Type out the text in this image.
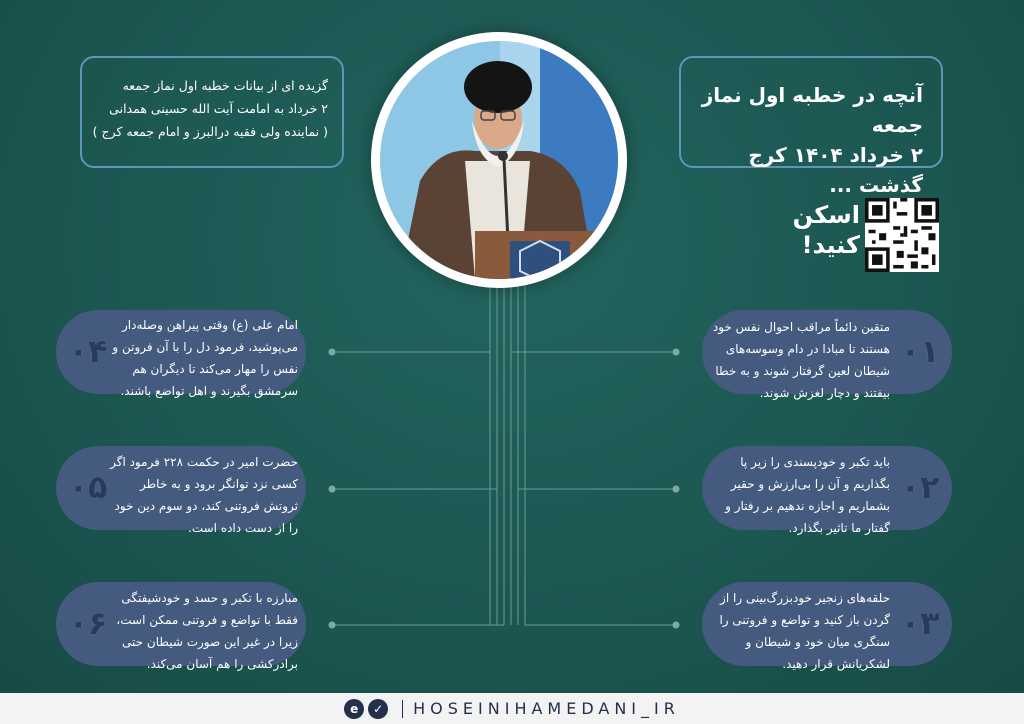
آنچه در خطبه اول نماز جمعه
۲ خرداد ۱۴۰۴ کرج گذشت ...
گزیده ای از بیانات خطبه اول نماز جمعه
۲ خرداد به امامت آیت الله حسینی همدانی
( نماینده ولی فقیه درالبرز و امام جمعه کرج )
اسکن
کنید!
متقین دائماً مراقب احوال نفس خود هستند تا مبادا در دام وسوسه‌های شیطان لعین گرفتار شوند و به خطا بیفتند و دچار لغزش شوند.
۰۱
باید تکبر و خودپسندی را زیر پا بگذاریم و آن را بی‌ارزش و حقیر بشماریم و اجازه ندهیم بر رفتار و گفتار ما تاثیر بگذارد.
۰۲
حلقه‌های زنجیر خودبزرگ‌بینی را از گردن باز کنید و تواضع و فروتنی را سنگری میان خود و شیطان و لشکریانش قرار دهید.
۰۳
۰۴
امام علی (ع) وقتی پیراهن وصله‌دار می‌پوشید، فرمود دل را با آن فروتن و نفس را مهار می‌کند تا دیگران هم سرمشق بگیرند و اهل تواضع باشند.
۰۵
حضرت امیر در حکمت ۲۲۸ فرمود اگر کسی نزد توانگر برود و به خاطر ثروتش فروتنی کند، دو سوم دین خود را از دست داده است.
۰۶
مبارزه با تکبر و حسد و خودشیفتگی فقط با تواضع و فروتنی ممکن است، زیرا در غیر این صورت شیطان حتی برادرکشی را هم آسان می‌کند.
e	✓	HOSEINIHAMEDANI_IR
